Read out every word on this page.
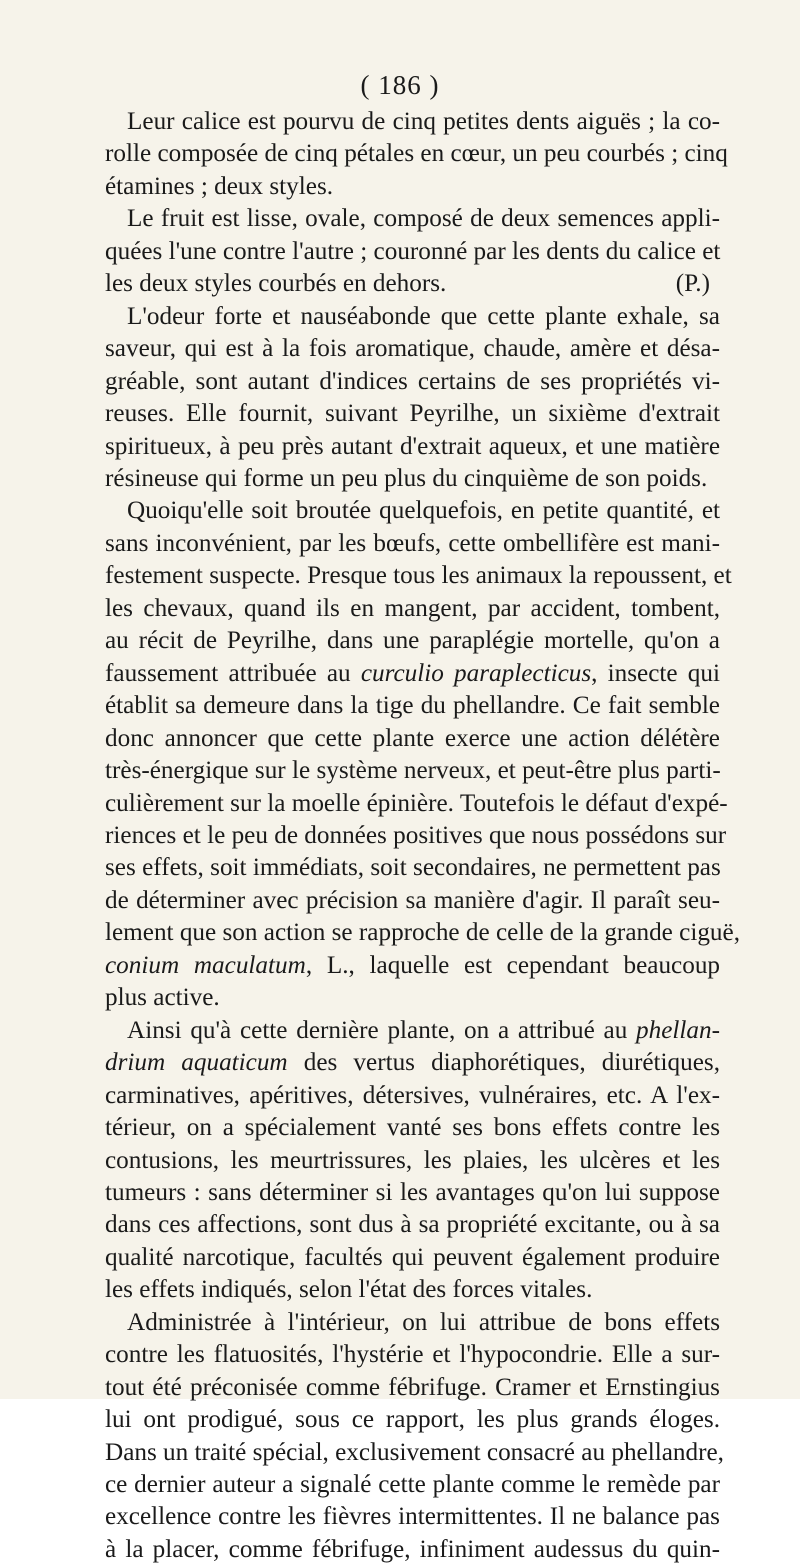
( 186 )

Leur calice est pourvu de cinq petites dents aiguës ; la co-
rolle composée de cinq pétales en cœur, un peu courbés ; cinq
étamines ; deux styles.

Le fruit est lisse, ovale, composé de deux semences appli-
quées l'une contre l'autre ; couronné par les dents du calice et
les deux styles courbés en dehors.	(P.)

L'odeur forte et nauséabonde que cette plante exhale, sa
saveur, qui est à la fois aromatique, chaude, amère et désa-
gréable, sont autant d'indices certains de ses propriétés vi-
reuses. Elle fournit, suivant Peyrilhe, un sixième d'extrait
spiritueux, à peu près autant d'extrait aqueux, et une matière
résineuse qui forme un peu plus du cinquième de son poids.

Quoiqu'elle soit broutée quelquefois, en petite quantité, et
sans inconvénient, par les bœufs, cette ombellifère est mani-
festement suspecte. Presque tous les animaux la repoussent, et
les chevaux, quand ils en mangent, par accident, tombent,
au récit de Peyrilhe, dans une paraplégie mortelle, qu'on a
faussement attribuée au curculio paraplecticus, insecte qui
établit sa demeure dans la tige du phellandre. Ce fait semble
donc annoncer que cette plante exerce une action délétère
très-énergique sur le système nerveux, et peut-être plus parti-
culièrement sur la moelle épinière. Toutefois le défaut d'expé-
riences et le peu de données positives que nous possédons sur
ses effets, soit immédiats, soit secondaires, ne permettent pas
de déterminer avec précision sa manière d'agir. Il paraît seu-
lement que son action se rapproche de celle de la grande ciguë,
conium maculatum, L., laquelle est cependant beaucoup
plus active.

Ainsi qu'à cette dernière plante, on a attribué au phellan-
drium aquaticum des vertus diaphorétiques, diurétiques,
carminatives, apéritives, détersives, vulnéraires, etc. A l'ex-
térieur, on a spécialement vanté ses bons effets contre les
contusions, les meurtrissures, les plaies, les ulcères et les
tumeurs : sans déterminer si les avantages qu'on lui suppose
dans ces affections, sont dus à sa propriété excitante, ou à sa
qualité narcotique, facultés qui peuvent également produire
les effets indiqués, selon l'état des forces vitales.

Administrée à l'intérieur, on lui attribue de bons effets
contre les flatuosités, l'hystérie et l'hypocondrie. Elle a sur-
tout été préconisée comme fébrifuge. Cramer et Ernstingius
lui ont prodigué, sous ce rapport, les plus grands éloges.
Dans un traité spécial, exclusivement consacré au phellandre,
ce dernier auteur a signalé cette plante comme le remède par
excellence contre les fièvres intermittentes. Il ne balance pas
à la placer, comme fébrifuge, infiniment audessus du quin-
